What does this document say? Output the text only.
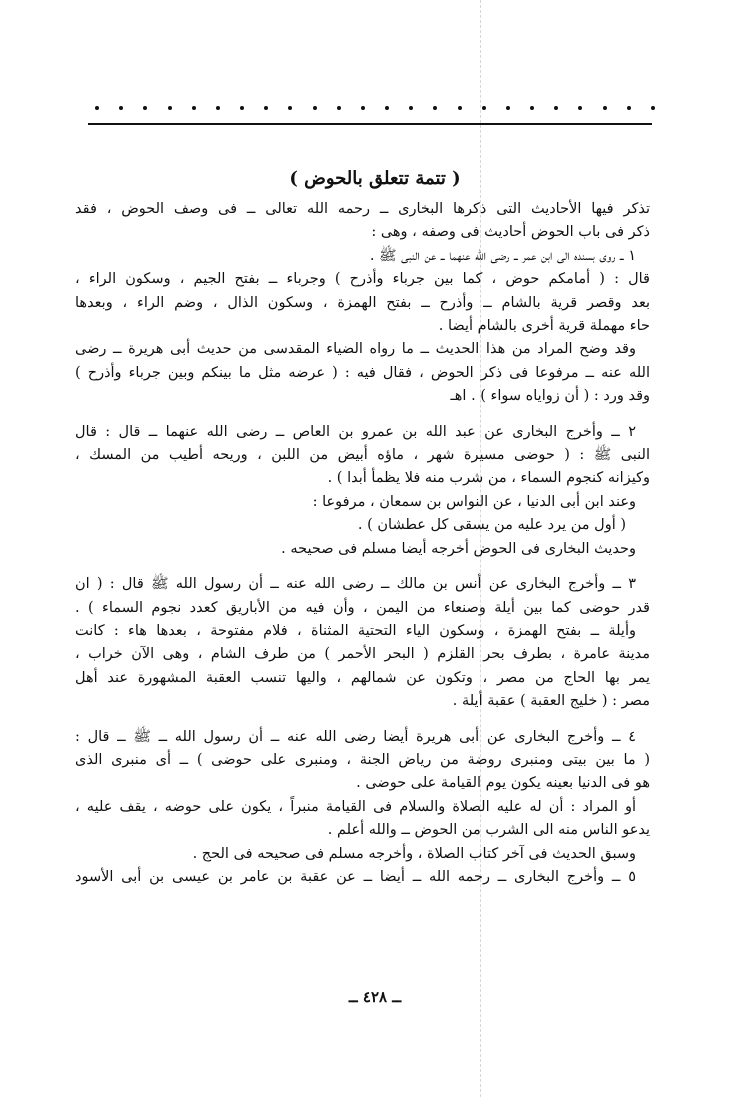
( تتمة تتعلق بالحوض )

تذكر فيها الأحاديث التى ذكرها البخارى ــ رحمه الله تعالى ــ فى وصف الحوض ، فقد

ذكر فى باب الحوض أحاديث فى وصفه ، وهى :

١ ــ روى بسنده الى ابن عمر ــ رضى الله عنهما ــ عن النبى ﷺ .

قال : ( أمامكم حوض ، كما بين جرباء وأذرح ) وجرباء ــ بفتح الجيم ، وسكون الراء ،

بعد وقصر قرية بالشام ــ وأذرح ــ بفتح الهمزة ، وسكون الذال ، وضم الراء ، وبعدها

حاء مهملة قرية أخرى بالشام أيضا .

وقد وضح المراد من هذا الحديث ــ ما رواه الضياء المقدسى من حديث أبى هريرة ــ رضى

الله عنه ــ مرفوعا فى ذكر الحوض ، فقال فيه : ( عرضه مثل ما بينكم وبين جرباء وأذرح )

وقد ورد : ( أن زواياه سواء ) . اهـ

٢ ــ وأخرج البخارى عن عبد الله بن عمرو بن العاص ــ رضى الله عنهما ــ قال : قال

النبى ﷺ : ( حوضى مسيرة شهر ، ماؤه أبيض من اللبن ، وريحه أطيب من المسك ،

وكيزانه كنجوم السماء ، من شرب منه فلا يظمأ أبدا ) .

وعند ابن أبى الدنيا ، عن النواس بن سمعان ، مرفوعا :

( أول من يرد عليه من يسقى كل عطشان ) .

وحديث البخارى فى الحوض أخرجه أيضا مسلم فى صحيحه .

٣ ــ وأخرج البخارى عن أنس بن مالك ــ رضى الله عنه ــ أن رسول الله ﷺ قال : ( ان

قدر حوضى كما بين أيلة وصنعاء من اليمن ، وأن فيه من الأباريق كعدد نجوم السماء ) .

وأيلة ــ بفتح الهمزة ، وسكون الياء التحتية المثناة ، فلام مفتوحة ، بعدها هاء : كانت

مدينة عامرة ، بطرف بحر القلزم ( البحر الأحمر ) من طرف الشام ، وهى الآن خراب ،

يمر بها الحاج من مصر ، وتكون عن شمالهم ، واليها تنسب العقبة المشهورة عند أهل

مصر : ( خليج العقبة ) عقبة أيلة .

٤ ــ وأخرج البخارى عن أبى هريرة أيضا رضى الله عنه ــ أن رسول الله ــ ﷺ ــ قال :

( ما بين بيتى ومنبرى روضة من رياض الجنة ، ومنبرى على حوضى ) ــ أى منبرى الذى

هو فى الدنيا بعينه يكون يوم القيامة على حوضى .

أو المراد : أن له عليه الصلاة والسلام فى القيامة منبراً ، يكون على حوضه ، يقف عليه ،

يدعو الناس منه الى الشرب من الحوض ــ والله أعلم .

وسبق الحديث فى آخر كتاب الصلاة ، وأخرجه مسلم فى صحيحه فى الحج .

٥ ــ وأخرج البخارى ــ رحمه الله ــ أيضا ــ عن عقبة بن عامر بن عيسى بن أبى الأسود

ــ ٤٢٨ ــ
